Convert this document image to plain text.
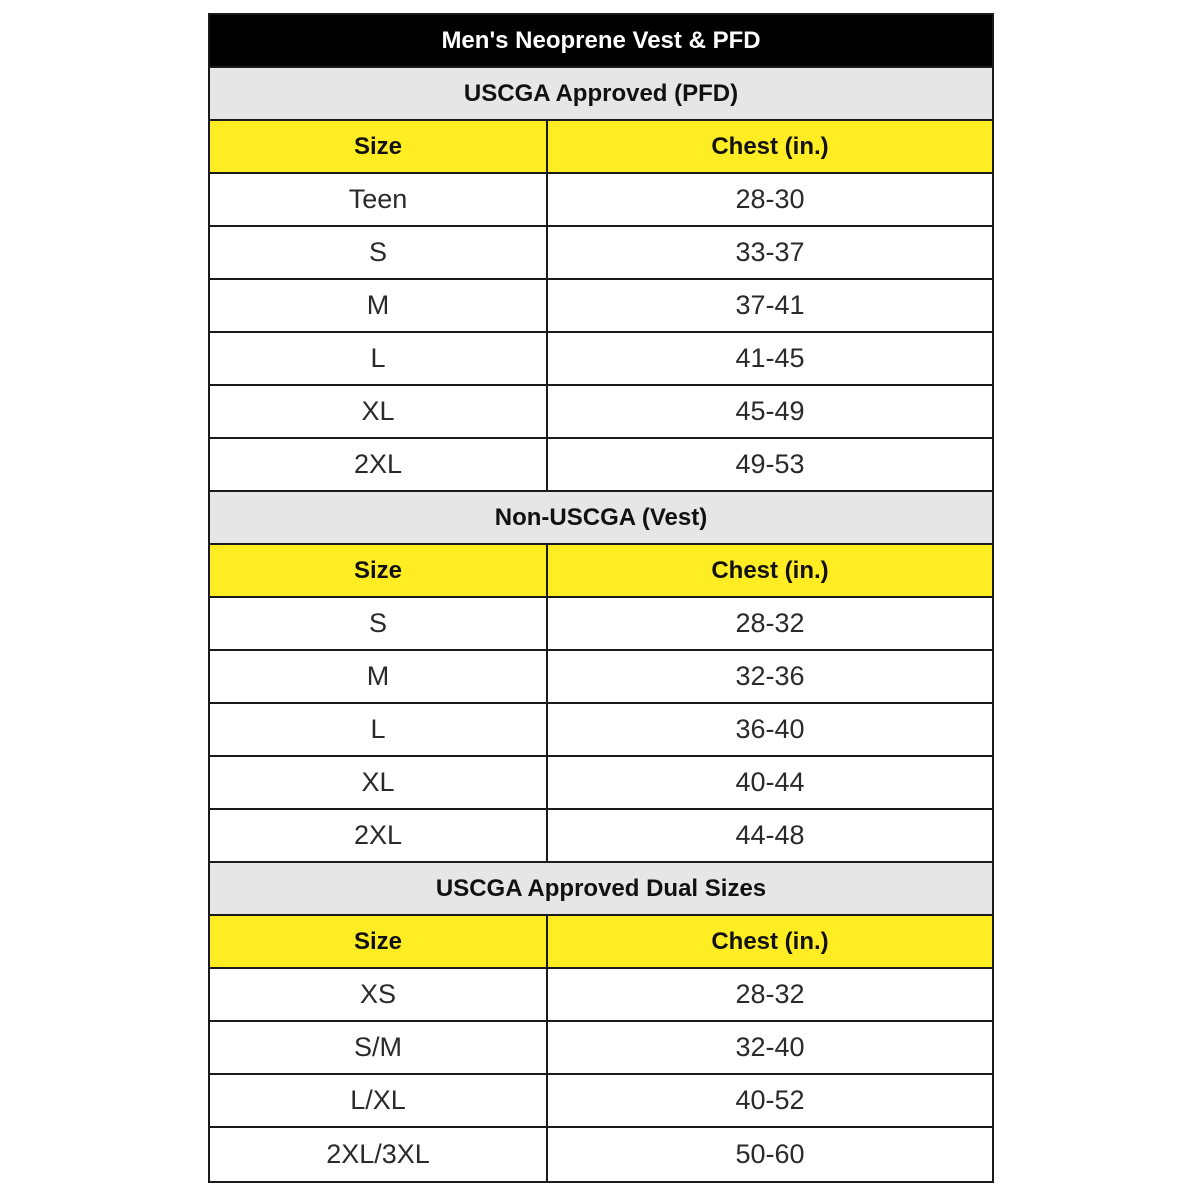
Men's Neoprene Vest & PFD
USCGA Approved (PFD)
Size	Chest (in.)
Teen	28-30
S	33-37
M	37-41
L	41-45
XL	45-49
2XL	49-53
Non-USCGA (Vest)
Size	Chest (in.)
S	28-32
M	32-36
L	36-40
XL	40-44
2XL	44-48
USCGA Approved Dual Sizes
Size	Chest (in.)
XS	28-32
S/M	32-40
L/XL	40-52
2XL/3XL	50-60
